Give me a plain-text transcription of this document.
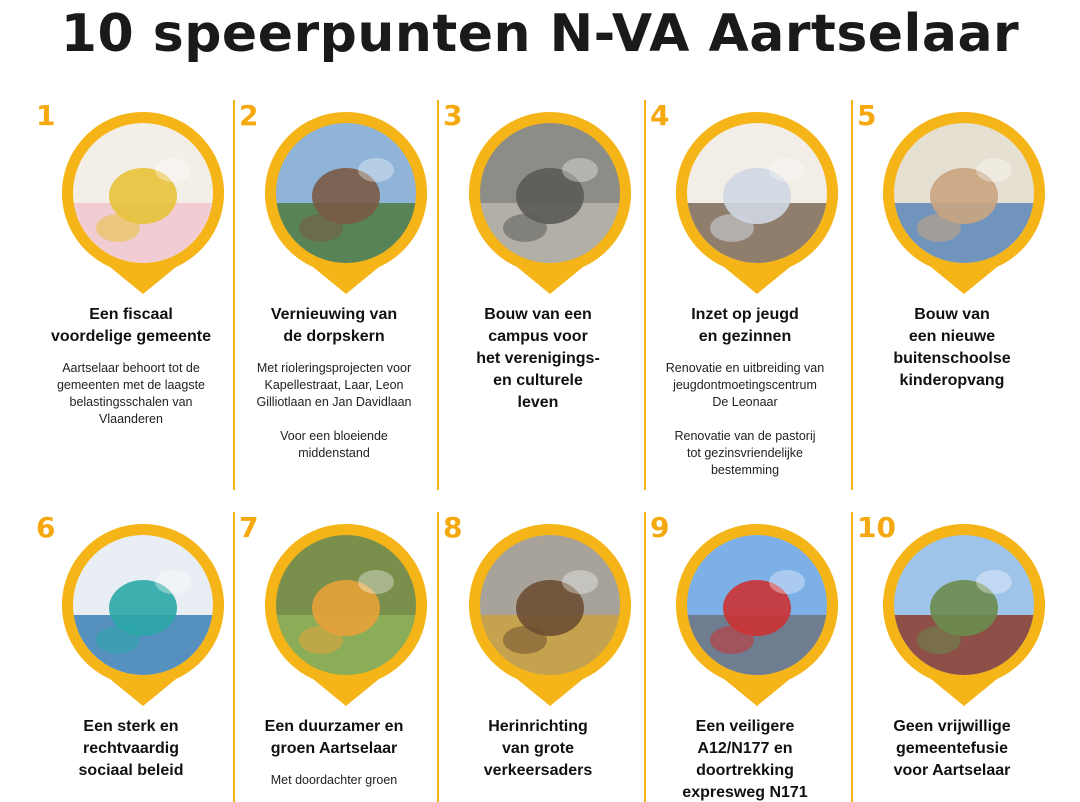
10 speerpunten N-VA Aartselaar
1
Een fiscaal
voordelige gemeente
Aartselaar behoort tot de
gemeenten met de laagste
belastingsschalen van
Vlaanderen
2
Vernieuwing van
de dorpskern
Met rioleringsprojecten voor
Kapellestraat, Laar, Leon
Gilliotlaan en Jan Davidlaan
Voor een bloeiende
middenstand
3
Bouw van een
campus voor
het verenigings-
en culturele
leven
4
Inzet op jeugd
en gezinnen
Renovatie en uitbreiding van
jeugdontmoetingscentrum
De Leonaar
Renovatie van de pastorij
tot gezinsvriendelijke
bestemming
5
Bouw van
een nieuwe
buitenschoolse
kinderopvang
6
Een sterk en
rechtvaardig
sociaal beleid
7
Een duurzamer en
groen Aartselaar
Met doordachter groen
8
Herinrichting
van grote
verkeersaders
9
Een veiligere
A12/N177 en
doortrekking
expresweg N171
10
Geen vrijwillige
gemeentefusie
voor Aartselaar
